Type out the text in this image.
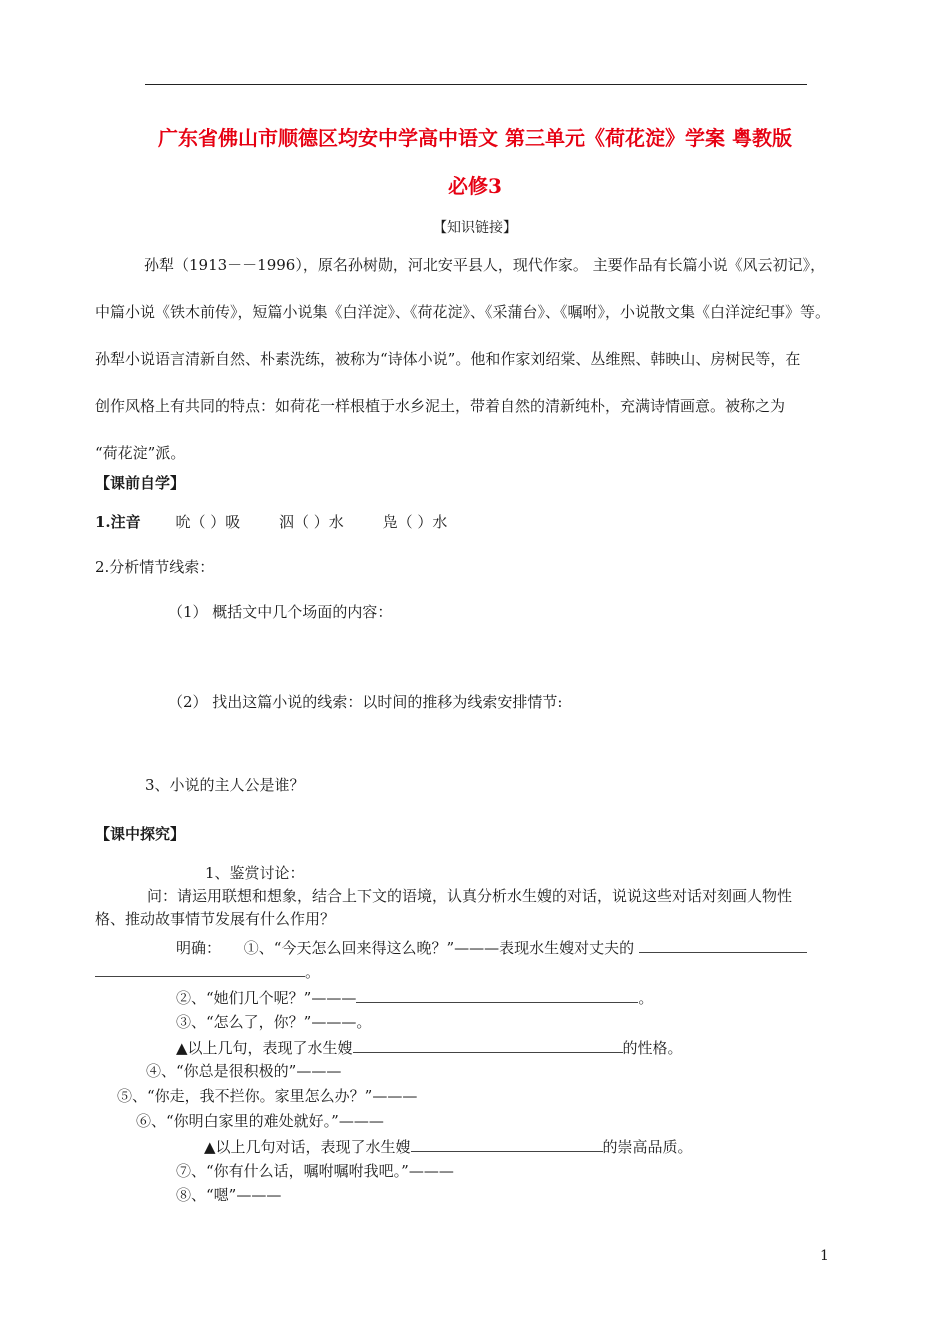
广东省佛山市顺德区均安中学高中语文 第三单元《荷花淀》学案 粤教版
必修3
【知识链接】

孙犁（1913－－1996），原名孙树勋，河北安平县人，现代作家。 主要作品有长篇小说《风云初记》，

中篇小说《铁木前传》，短篇小说集《白洋淀》、《荷花淀》、《采蒲台》、《嘱咐》，小说散文集《白洋淀纪事》等。

孙犁小说语言清新自然、朴素洗练，被称为“诗体小说”。他和作家刘绍棠、丛维熙、韩映山、房树民等，在

创作风格上有共同的特点：如荷花一样根植于水乡泥土，带着自然的清新纯朴，充满诗情画意。被称之为

“荷花淀”派。

【课前自学】
1.注音 吮（ ）吸	泅（ ）水	凫（ ）水
2.分析情节线索：
（1） 概括文中几个场面的内容：
（2） 找出这篇小说的线索：以时间的推移为线索安排情节:
3、小说的主人公是谁？
【课中探究】
1、鉴赏讨论：
问：请运用联想和想象，结合上下文的语境，认真分析水生嫂的对话，说说这些对话对刻画人物性
格、推动故事情节发展有什么作用？
明确： ①、“今天怎么回来得这么晚？”———表现水生嫂对丈夫的
。
②、“她们几个呢？”———	。
③、“怎么了，你？”———。
▲以上几句，表现了水生嫂	的性格。
④、“你总是很积极的”———
⑤、“你走，我不拦你。家里怎么办？”———
⑥、“你明白家里的难处就好。”———
▲以上几句对话，表现了水生嫂	的崇高品质。
⑦、“你有什么话，嘱咐嘱咐我吧。”———
⑧、“嗯”———
1
